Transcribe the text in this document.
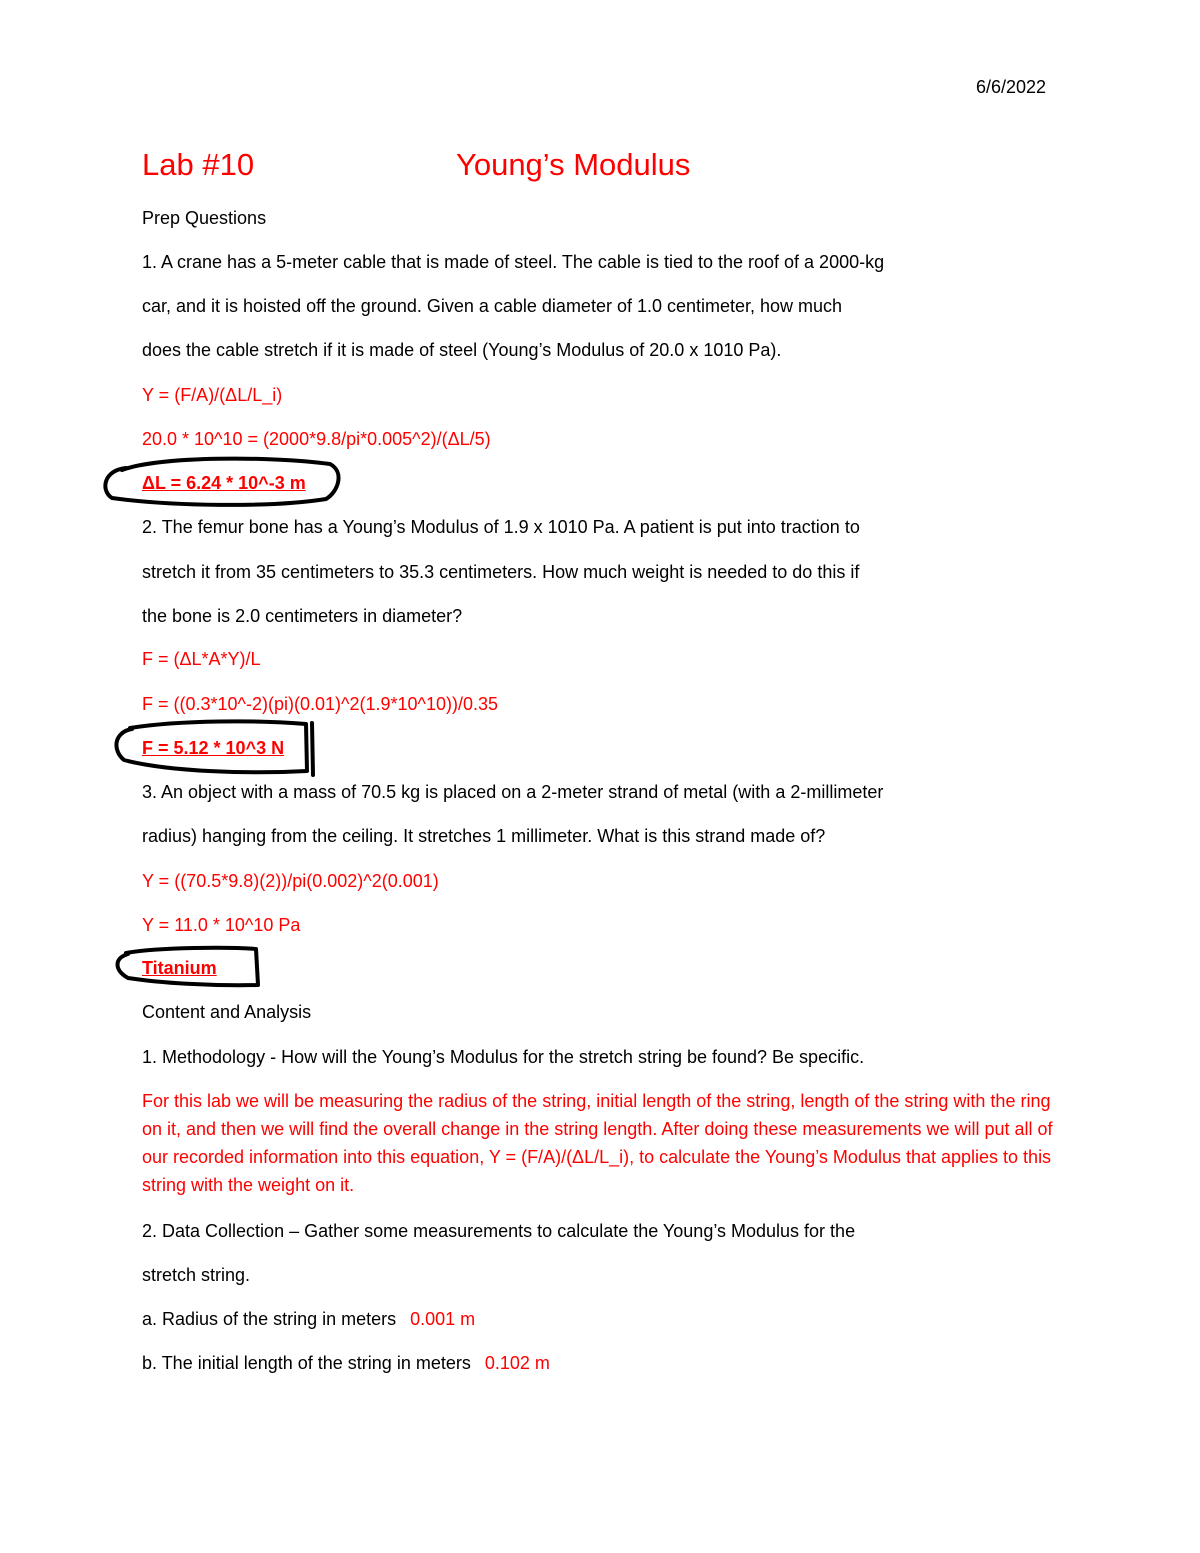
6/6/2022
Lab #10	Young’s Modulus
Prep Questions
1. A crane has a 5-meter cable that is made of steel. The cable is tied to the roof of a 2000-kg
car, and it is hoisted off the ground. Given a cable diameter of 1.0 centimeter, how much
does the cable stretch if it is made of steel (Young’s Modulus of 20.0 x 1010 Pa).
Y = (F/A)/(ΔL/L_i)
20.0 * 10^10 = (2000*9.8/pi*0.005^2)/(ΔL/5)
ΔL = 6.24 * 10^-3 m
2. The femur bone has a Young’s Modulus of 1.9 x 1010 Pa. A patient is put into traction to
stretch it from 35 centimeters to 35.3 centimeters. How much weight is needed to do this if
the bone is 2.0 centimeters in diameter?
F = (ΔL*A*Y)/L
F = ((0.3*10^-2)(pi)(0.01)^2(1.9*10^10))/0.35
F = 5.12 * 10^3 N
3. An object with a mass of 70.5 kg is placed on a 2-meter strand of metal (with a 2-millimeter
radius) hanging from the ceiling. It stretches 1 millimeter. What is this strand made of?
Y = ((70.5*9.8)(2))/pi(0.002)^2(0.001)
Y = 11.0 * 10^10 Pa
Titanium
Content and Analysis
1. Methodology - How will the Young’s Modulus for the stretch string be found? Be specific.
For this lab we will be measuring the radius of the string, initial length of the string, length of the string with the ring on it, and then we will find the overall change in the string length. After doing these measurements we will put all of our recorded information into this equation, Y = (F/A)/(ΔL/L_i), to calculate the Young’s Modulus that applies to this string with the weight on it.
2. Data Collection – Gather some measurements to calculate the Young’s Modulus for the
stretch string.
a. Radius of the string in meters 0.001 m
b. The initial length of the string in meters 0.102 m
